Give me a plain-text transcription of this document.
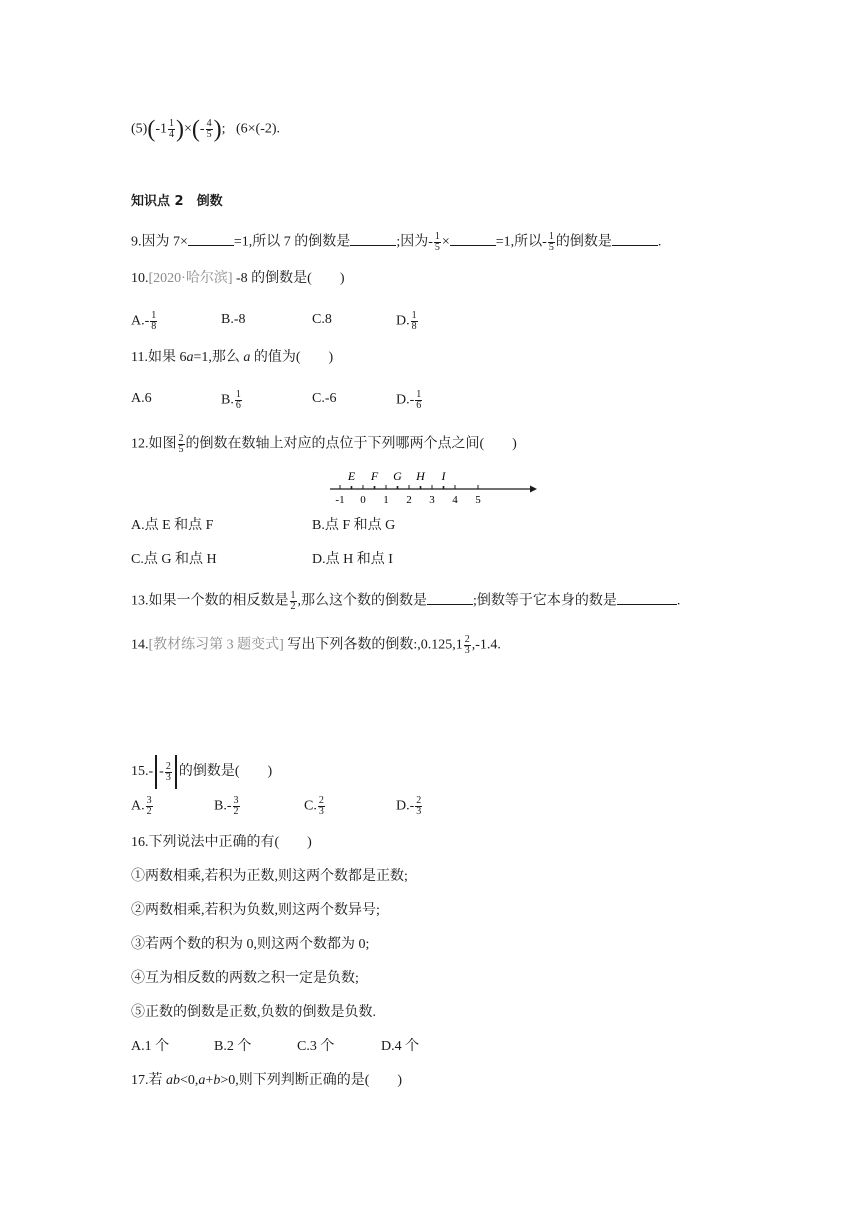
$(5)(-1 \frac{1}{4}$ )×(- $\frac{4}{5}$ ); (6×(-2).
知识点 2　倒数
9.因为 7×	=1,所以 7 的倒数是	;因为- $\frac{1}{5}$ ×	=1,所以- $\frac{1}{5}$ 的倒数是	.
10.[2020·哈尔滨] -8 的倒数是(　　)
$A.- \frac{1}{8}$	B.-8	C.8	D. $\frac{1}{8}$
11.如果 6a=1,那么 a 的值为(　　)
A.6	B. $\frac{1}{6}$	C.-6	$D.- \frac{1}{6}$
12.如图 $\frac{2}{5}$ 的倒数在数轴上对应的点位于下列哪两个点之间(　　)
-1 0 1 2 3 4 5
E F G H I
A.点 E 和点 F	B.点 F 和点 G
C.点 G 和点 H	D.点 H 和点 I
13.如果一个数的相反数是 $\frac{1}{2}$ ,那么这个数的倒数是	;倒数等于它本身的数是	.
14.[教材练习第 3 题变式] 写出下列各数的倒数:,0.125,1 $\frac{2}{3} ,-1.4$.
$15.- - \frac{2}{3}$ 的倒数是(　　)
A. $\frac{3}{2}$	$B.- \frac{3}{2}$	C. $\frac{2}{3}$	$D.- \frac{2}{3}$
16.下列说法中正确的有(　　)
①两数相乘,若积为正数,则这两个数都是正数;
②两数相乘,若积为负数,则这两个数异号;
③若两个数的积为 0,则这两个数都为 0;
④互为相反数的两数之积一定是负数;
⑤正数的倒数是正数,负数的倒数是负数.
A.1 个	B.2 个	C.3 个	D.4 个
17.若 ab<0,a+b>0,则下列判断正确的是(　　)
